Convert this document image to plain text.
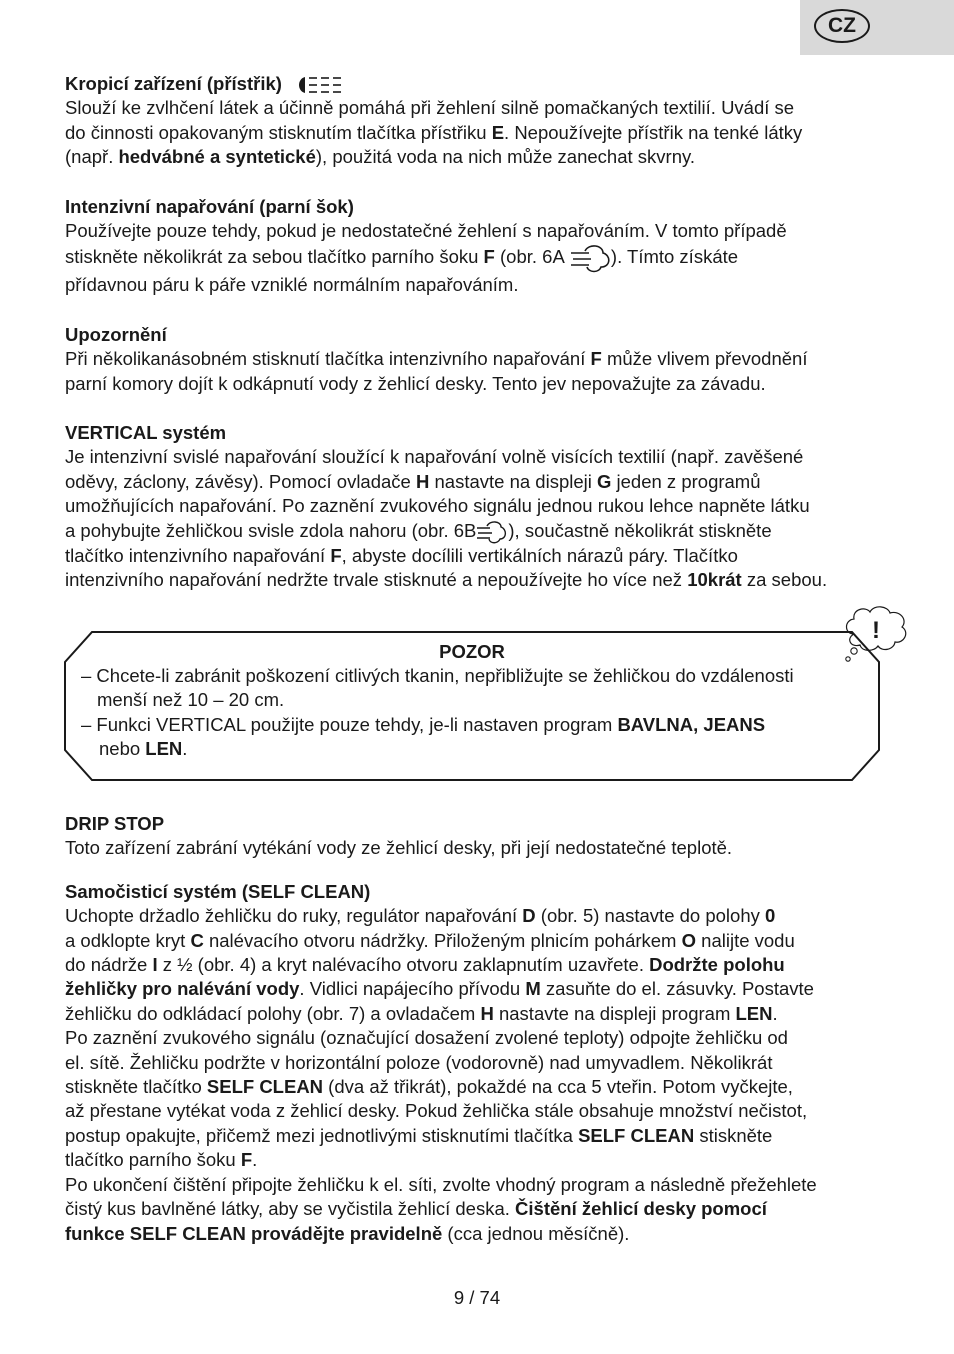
CZ
Kropicí zařízení (přístřik)

Slouží ke zvlhčení látek a účinně pomáhá při žehlení silně pomačkaných textilií. Uvádí se

do činnosti opakovaným stisknutím tlačítka přístřiku E. Nepoužívejte přístřik na tenké látky

(např. hedvábné a syntetické), použitá voda na nich může zanechat skvrny.

Intenzivní napařování (parní šok)

Používejte pouze tehdy, pokud je nedostatečné žehlení s napařováním. V tomto případě

stiskněte několikrát za sebou tlačítko parního šoku F (obr. 6A ). Tímto získáte

přídavnou páru k páře vzniklé normálním napařováním.

Upozornění

Při několikanásobném stisknutí tlačítka intenzivního napařování F může vlivem převodnění

parní komory dojít k odkápnutí vody z žehlicí desky. Tento jev nepovažujte za závadu.

VERTICAL systém

Je intenzivní svislé napařování sloužící k napařování volně visících textilií (např. zavěšené

oděvy, záclony, závěsy). Pomocí ovladače H nastavte na displeji G jeden z programů

umožňujících napařování. Po zaznění zvukového signálu jednou rukou lehce napněte látku

a pohybujte žehličkou svisle zdola nahoru (obr. 6B ), součastně několikrát stiskněte

tlačítko intenzivního napařování F, abyste docílili vertikálních nárazů páry. Tlačítko

intenzivního napařování nedržte trvale stisknuté a nepoužívejte ho více než 10krát za sebou.

!
POZOR
– Chcete-li zabránit poškození citlivých tkanin, nepřibližujte se žehličkou do vzdálenosti
menší než 10 – 20 cm.
– Funkci VERTICAL použijte pouze tehdy, je-li nastaven program BAVLNA, JEANS
nebo LEN.
DRIP STOP

Toto zařízení zabrání vytékání vody ze žehlicí desky, při její nedostatečné teplotě.

Samočisticí systém (SELF CLEAN)

Uchopte držadlo žehličku do ruky, regulátor napařování D (obr. 5) nastavte do polohy 0

a odklopte kryt C nalévacího otvoru nádržky. Přiloženým plnicím pohárkem O nalijte vodu

do nádrže I z ½ (obr. 4) a kryt nalévacího otvoru zaklapnutím uzavřete. Dodržte polohu

žehličky pro nalévání vody. Vidlici napájecího přívodu M zasuňte do el. zásuvky. Postavte

žehličku do odkládací polohy (obr. 7) a ovladačem H nastavte na displeji program LEN.

Po zaznění zvukového signálu (označující dosažení zvolené teploty) odpojte žehličku od

el. sítě. Žehličku podržte v horizontální poloze (vodorovně) nad umyvadlem. Několikrát

stiskněte tlačítko SELF CLEAN (dva až třikrát), pokaždé na cca 5 vteřin. Potom vyčkejte,

až přestane vytékat voda z žehlicí desky. Pokud žehlička stále obsahuje množství nečistot,

postup opakujte, přičemž mezi jednotlivými stisknutími tlačítka SELF CLEAN stiskněte

tlačítko parního šoku F.

Po ukončení čištění připojte žehličku k el. síti, zvolte vhodný program a následně přežehlete

čistý kus bavlněné látky, aby se vyčistila žehlicí deska. Čištění žehlicí desky pomocí

funkce SELF CLEAN provádějte pravidelně (cca jednou měsíčně).

9 / 74
